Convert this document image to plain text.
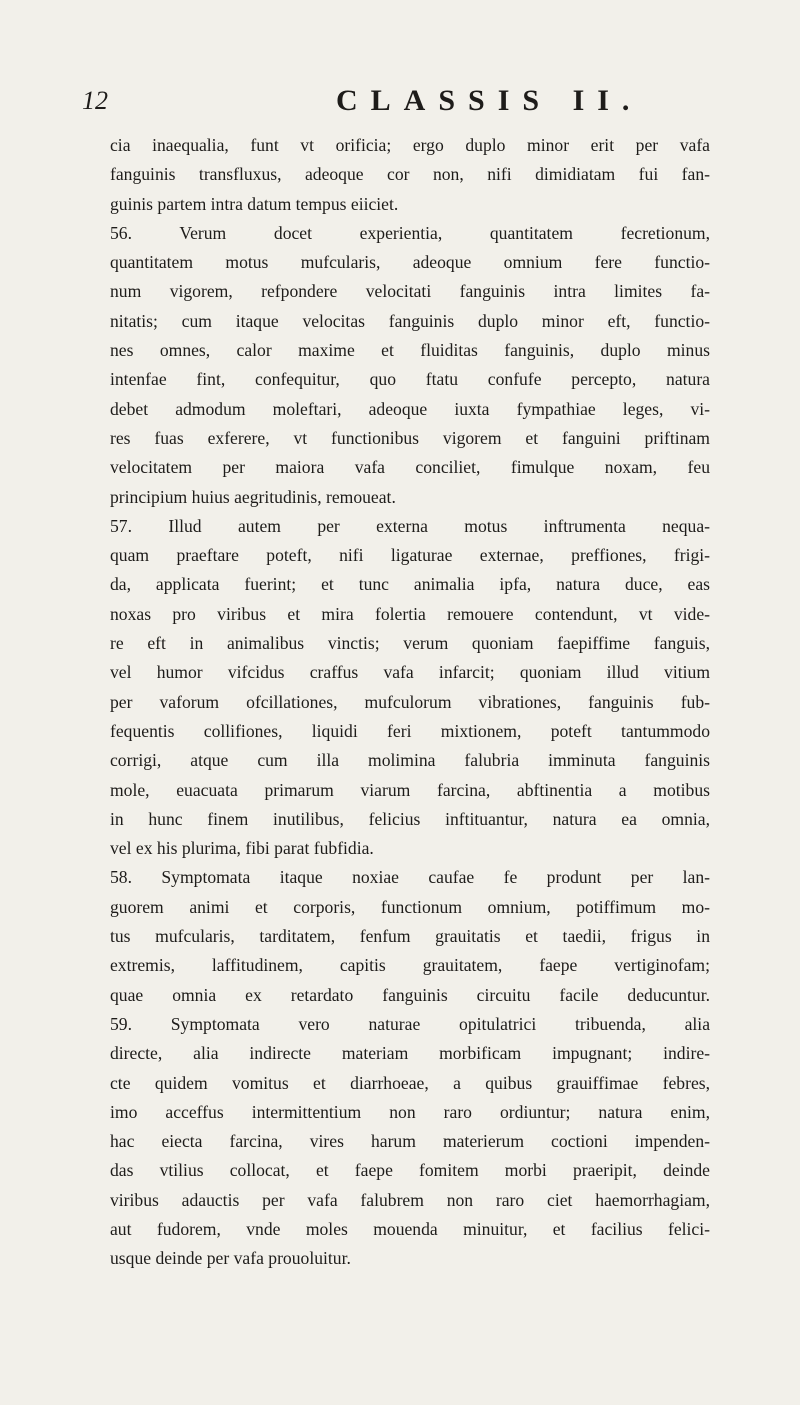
12	CLASSIS II.
cia inaequalia, funt vt orificia; ergo duplo minor erit per vafa
fanguinis transfluxus, adeoque cor non, nifi dimidiatam fui fan-
guinis partem intra datum tempus eiiciet.
56. Verum docet experientia, quantitatem fecretionum,
quantitatem motus mufcularis, adeoque omnium fere functio-
num vigorem, refpondere velocitati fanguinis intra limites fa-
nitatis; cum itaque velocitas fanguinis duplo minor eft, functio-
nes omnes, calor maxime et fluiditas fanguinis, duplo minus
intenfae fint, confequitur, quo ftatu confufe percepto, natura
debet admodum moleftari, adeoque iuxta fympathiae leges, vi-
res fuas exferere, vt functionibus vigorem et fanguini priftinam
velocitatem per maiora vafa conciliet, fimulque noxam, feu
principium huius aegritudinis, remoueat.
57. Illud autem per externa motus inftrumenta nequa-
quam praeftare poteft, nifi ligaturae externae, preffiones, frigi-
da, applicata fuerint; et tunc animalia ipfa, natura duce, eas
noxas pro viribus et mira folertia remouere contendunt, vt vide-
re eft in animalibus vinctis; verum quoniam faepiffime fanguis,
vel humor vifcidus craffus vafa infarcit; quoniam illud vitium
per vaforum ofcillationes, mufculorum vibrationes, fanguinis fub-
fequentis collifiones, liquidi feri mixtionem, poteft tantummodo
corrigi, atque cum illa molimina falubria imminuta fanguinis
mole, euacuata primarum viarum farcina, abftinentia a motibus
in hunc finem inutilibus, felicius inftituantur, natura ea omnia,
vel ex his plurima, fibi parat fubfidia.
58. Symptomata itaque noxiae caufae fe produnt per lan-
guorem animi et corporis, functionum omnium, potiffimum mo-
tus mufcularis, tarditatem, fenfum grauitatis et taedii, frigus in
extremis, laffitudinem, capitis grauitatem, faepe vertiginofam;
quae omnia ex retardato fanguinis circuitu facile deducuntur.
59. Symptomata vero naturae opitulatrici tribuenda, alia
directe, alia indirecte materiam morbificam impugnant; indire-
cte quidem vomitus et diarrhoeae, a quibus grauiffimae febres,
imo acceffus intermittentium non raro ordiuntur; natura enim,
hac eiecta farcina, vires harum materierum coctioni impenden-
das vtilius collocat, et faepe fomitem morbi praeripit, deinde
viribus adauctis per vafa falubrem non raro ciet haemorrhagiam,
aut fudorem, vnde moles mouenda minuitur, et facilius felici-
usque deinde per vafa prouoluitur.
